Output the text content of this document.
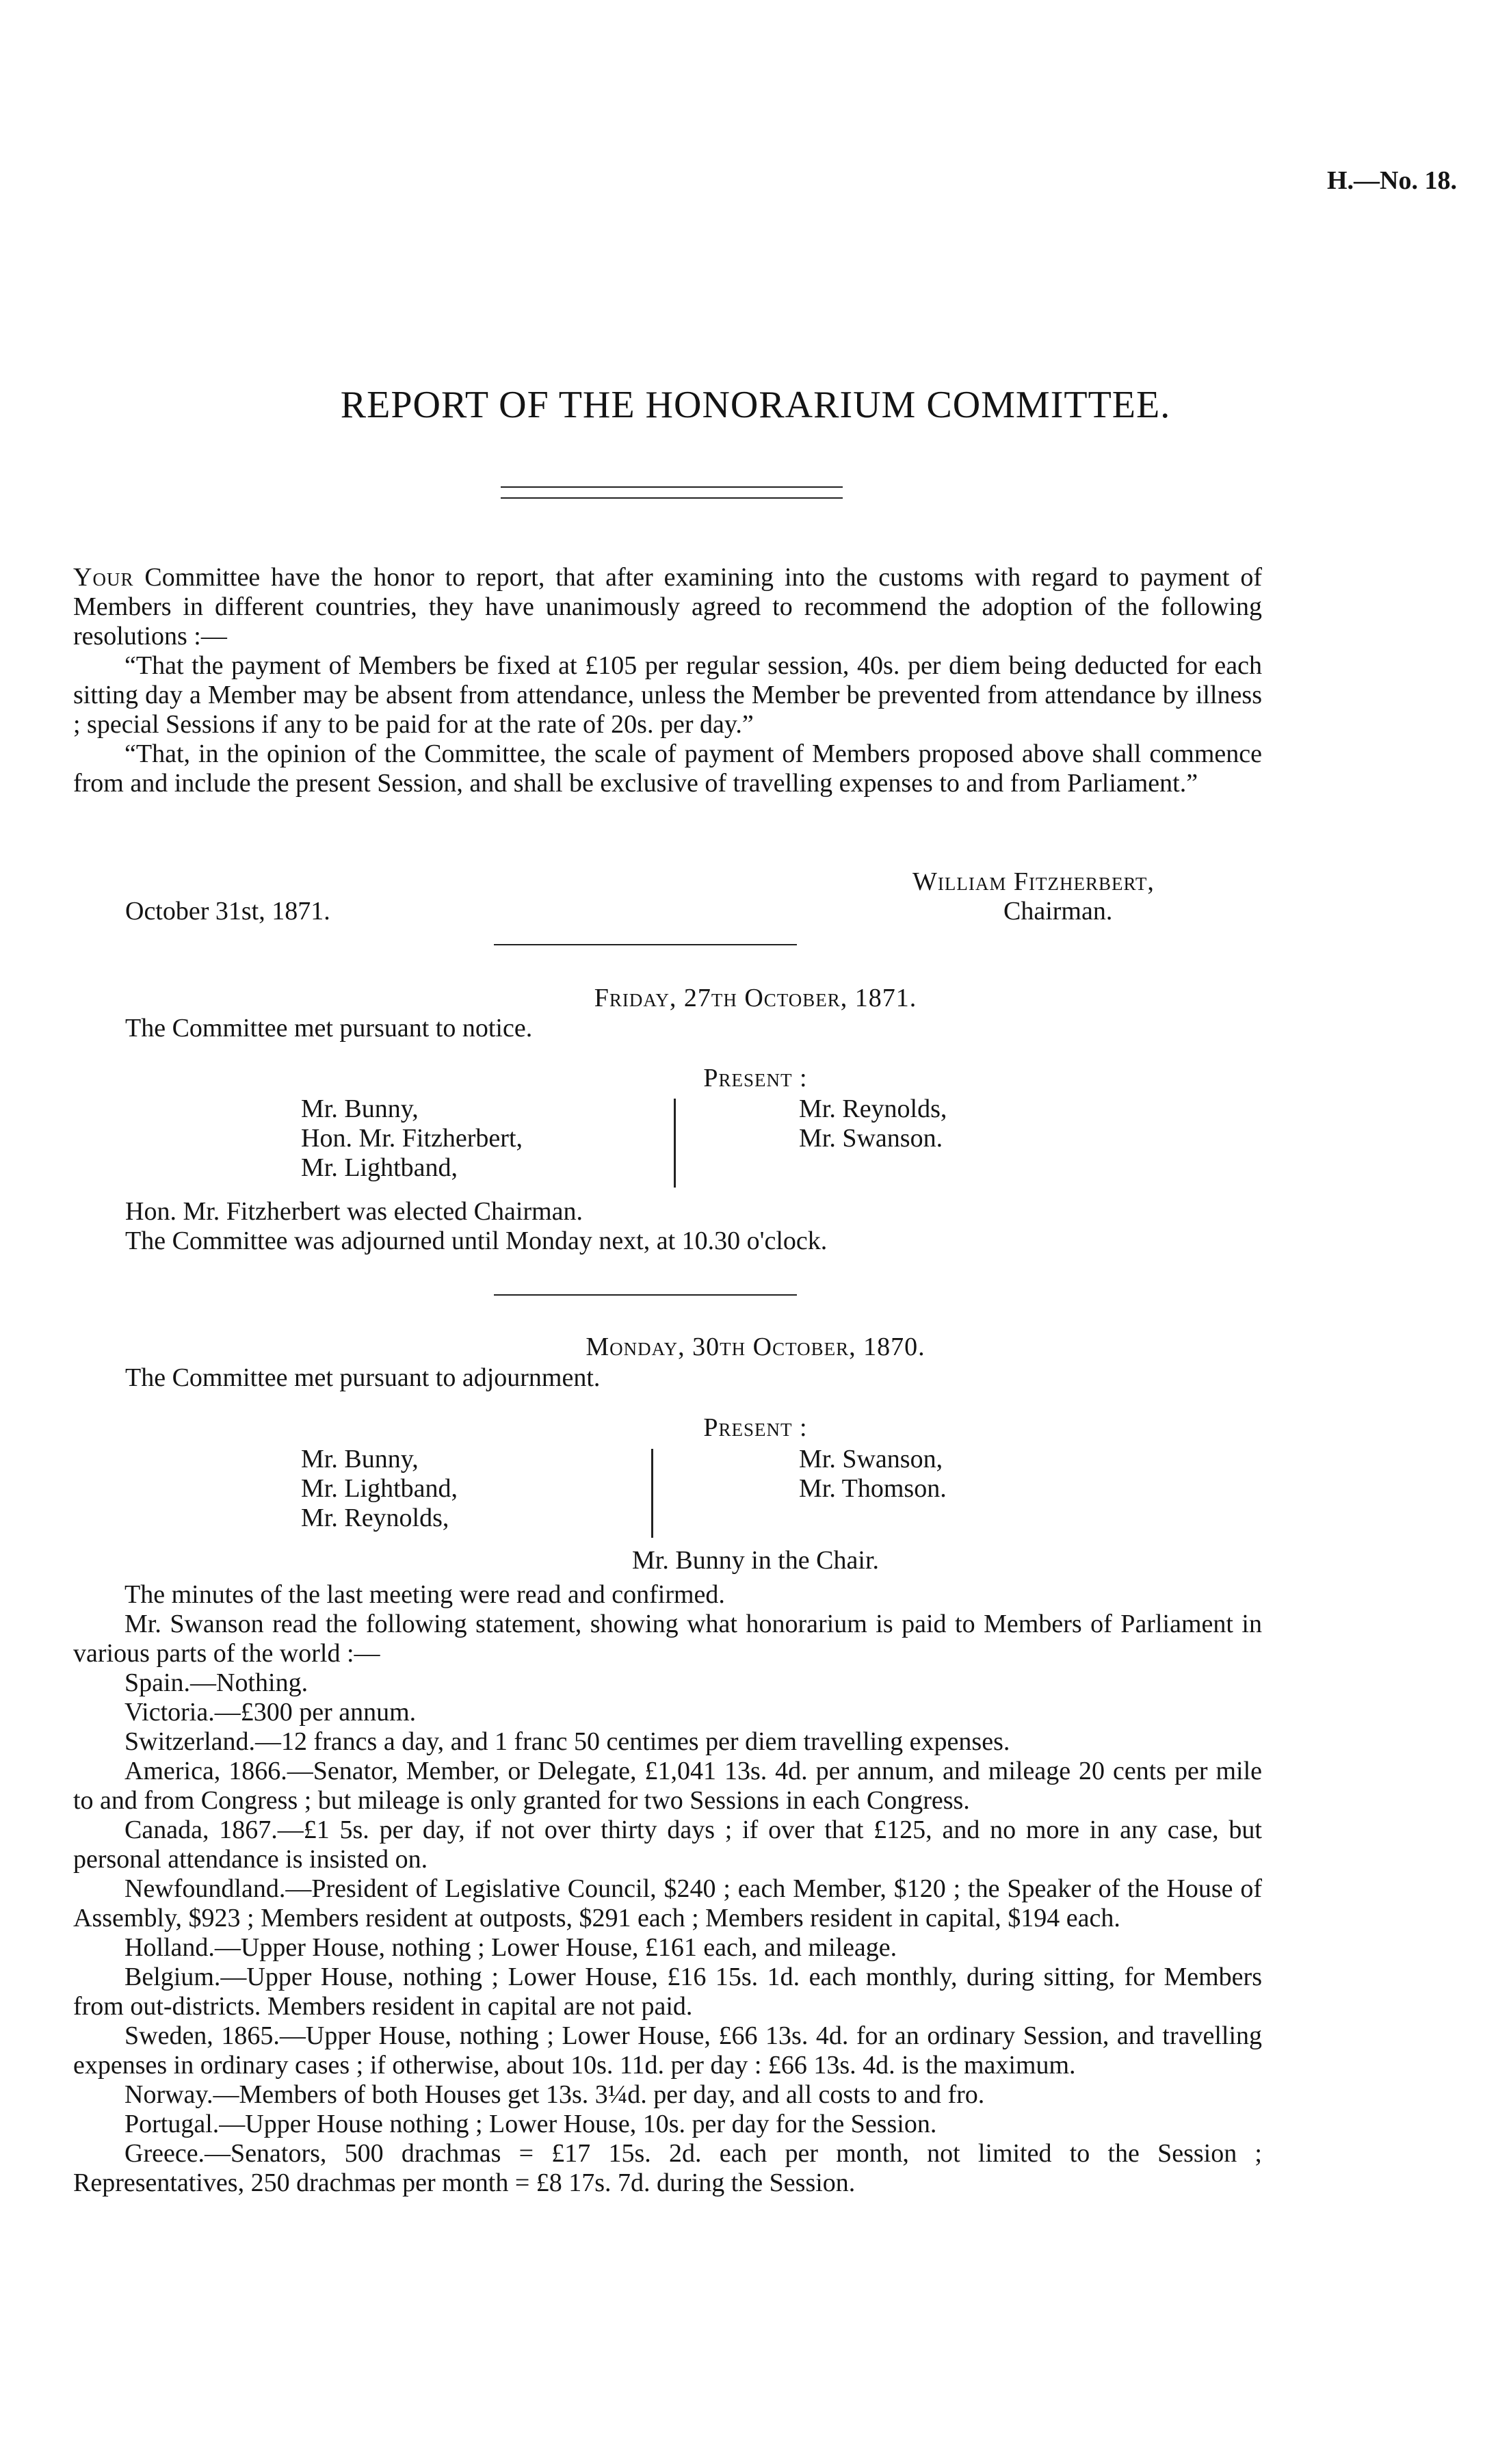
H.—No. 18.
REPORT OF THE HONORARIUM COMMITTEE.
Your Committee have the honor to report, that after examining into the customs with regard to payment of Members in different countries, they have unanimously agreed to recommend the adoption of the following resolutions :—
“That the payment of Members be fixed at £105 per regular session, 40s. per diem being deducted for each sitting day a Member may be absent from attendance, unless the Member be prevented from attendance by illness ; special Sessions if any to be paid for at the rate of 20s. per day.”
“That, in the opinion of the Committee, the scale of payment of Members proposed above shall commence from and include the present Session, and shall be exclusive of travelling expenses to and from Parliament.”
William Fitzherbert,
Chairman.
October 31st, 1871.
Friday, 27th October, 1871.
The Committee met pursuant to notice.
Present :
Mr. Bunny,
Hon. Mr. Fitzherbert,
Mr. Lightband,
Mr. Reynolds,
Mr. Swanson.
Hon. Mr. Fitzherbert was elected Chairman.
The Committee was adjourned until Monday next, at 10.30 o'clock.
Monday, 30th October, 1870.
The Committee met pursuant to adjournment.
Present :
Mr. Bunny,
Mr. Lightband,
Mr. Reynolds,
Mr. Swanson,
Mr. Thomson.
Mr. Bunny in the Chair.
The minutes of the last meeting were read and confirmed.
Mr. Swanson read the following statement, showing what honorarium is paid to Members of Parliament in various parts of the world :—
Spain.—Nothing.
Victoria.—£300 per annum.
Switzerland.—12 francs a day, and 1 franc 50 centimes per diem travelling expenses.
America, 1866.—Senator, Member, or Delegate, £1,041 13s. 4d. per annum, and mileage 20 cents per mile to and from Congress ; but mileage is only granted for two Sessions in each Congress.
Canada, 1867.—£1 5s. per day, if not over thirty days ; if over that £125, and no more in any case, but personal attendance is insisted on.
Newfoundland.—President of Legislative Council, $240 ; each Member, $120 ; the Speaker of the House of Assembly, $923 ; Members resident at outposts, $291 each ; Members resident in capital, $194 each.
Holland.—Upper House, nothing ; Lower House, £161 each, and mileage.
Belgium.—Upper House, nothing ; Lower House, £16 15s. 1d. each monthly, during sitting, for Members from out-districts. Members resident in capital are not paid.
Sweden, 1865.—Upper House, nothing ; Lower House, £66 13s. 4d. for an ordinary Session, and travelling expenses in ordinary cases ; if otherwise, about 10s. 11d. per day : £66 13s. 4d. is the maximum.
Norway.—Members of both Houses get 13s. 3¼d. per day, and all costs to and fro.
Portugal.—Upper House nothing ; Lower House, 10s. per day for the Session.
Greece.—Senators, 500 drachmas = £17 15s. 2d. each per month, not limited to the Session ; Representatives, 250 drachmas per month = £8 17s. 7d. during the Session.
